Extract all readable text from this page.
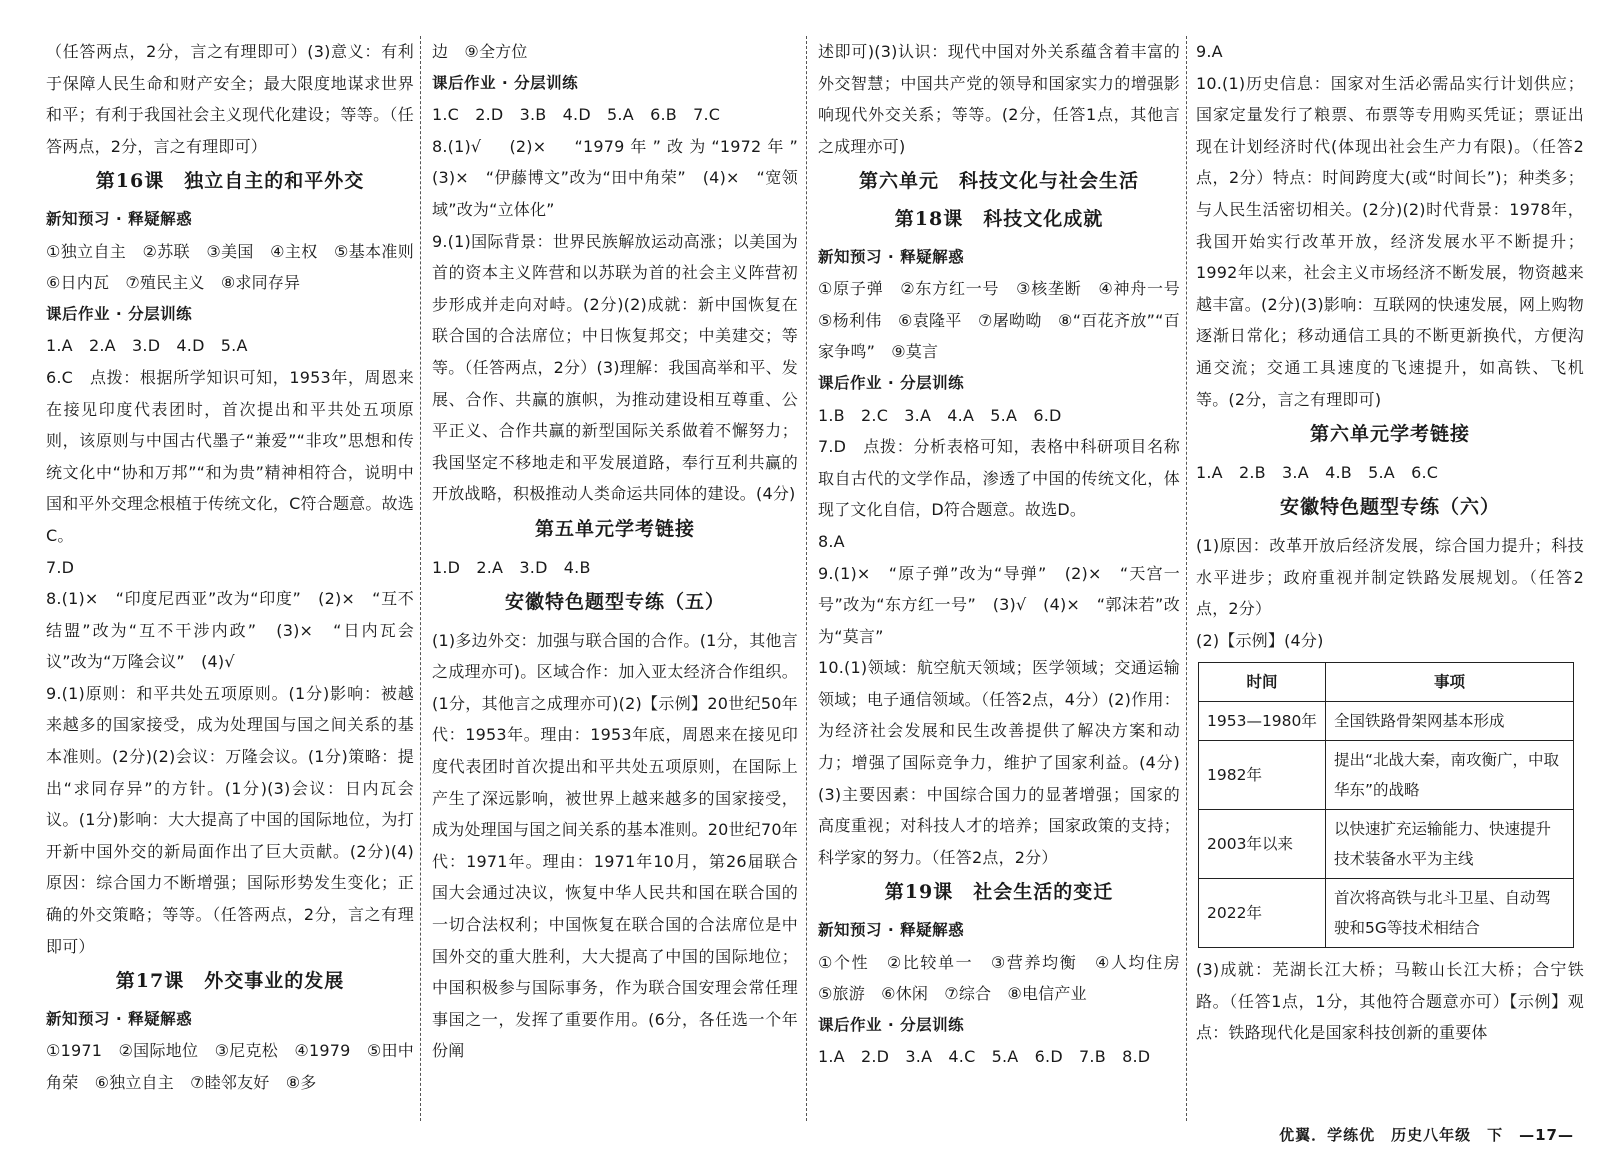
（任答两点，2分，言之有理即可）(3)意义：有利于保障人民生命和财产安全；最大限度地谋求世界和平；有利于我国社会主义现代化建设；等等。（任答两点，2分，言之有理即可）
第16课　独立自主的和平外交
新知预习 · 释疑解惑
①独立自主　②苏联　③美国　④主权　⑤基本准则　⑥日内瓦　⑦殖民主义　⑧求同存异
课后作业 · 分层训练
1.A　2.A　3.D　4.D　5.A
6.C　点拨：根据所学知识可知，1953年，周恩来在接见印度代表团时，首次提出和平共处五项原则，该原则与中国古代墨子“兼爱”“非攻”思想和传统文化中“协和万邦”“和为贵”精神相符合，说明中国和平外交理念根植于传统文化，C符合题意。故选C。
7.D
8.(1)×　“印度尼西亚”改为“印度”　(2)×　“互不结盟”改为“互不干涉内政”　(3)×　“日内瓦会议”改为“万隆会议”　(4)√
9.(1)原则：和平共处五项原则。(1分)影响：被越来越多的国家接受，成为处理国与国之间关系的基本准则。(2分)(2)会议：万隆会议。(1分)策略：提出“求同存异”的方针。(1分)(3)会议：日内瓦会议。(1分)影响：大大提高了中国的国际地位，为打开新中国外交的新局面作出了巨大贡献。(2分)(4)原因：综合国力不断增强；国际形势发生变化；正确的外交策略；等等。（任答两点，2分，言之有理即可）
第17课　外交事业的发展
新知预习 · 释疑解惑
①1971　②国际地位　③尼克松　④1979　⑤田中角荣　⑥独立自主　⑦睦邻友好　⑧多
边　⑨全方位
课后作业 · 分层训练
1.C　2.D　3.B　4.D　5.A　6.B　7.C
8.(1)√　(2)×　“1979年”改为“1972年”　(3)×　“伊藤博文”改为“田中角荣”　(4)×　“宽领域”改为“立体化”
9.(1)国际背景：世界民族解放运动高涨；以美国为首的资本主义阵营和以苏联为首的社会主义阵营初步形成并走向对峙。(2分)(2)成就：新中国恢复在联合国的合法席位；中日恢复邦交；中美建交；等等。（任答两点，2分）(3)理解：我国高举和平、发展、合作、共赢的旗帜，为推动建设相互尊重、公平正义、合作共赢的新型国际关系做着不懈努力；我国坚定不移地走和平发展道路，奉行互利共赢的开放战略，积极推动人类命运共同体的建设。(4分)
第五单元学考链接
1.D　2.A　3.D　4.B
安徽特色题型专练（五）
(1)多边外交：加强与联合国的合作。(1分，其他言之成理亦可)。区域合作：加入亚太经济合作组织。(1分，其他言之成理亦可)(2)【示例】20世纪50年代：1953年。理由：1953年底，周恩来在接见印度代表团时首次提出和平共处五项原则，在国际上产生了深远影响，被世界上越来越多的国家接受，成为处理国与国之间关系的基本准则。20世纪70年代：1971年。理由：1971年10月，第26届联合国大会通过决议，恢复中华人民共和国在联合国的一切合法权利；中国恢复在联合国的合法席位是中国外交的重大胜利，大大提高了中国的国际地位；中国积极参与国际事务，作为联合国安理会常任理事国之一，发挥了重要作用。(6分，各任选一个年份阐
述即可)(3)认识：现代中国对外关系蕴含着丰富的外交智慧；中国共产党的领导和国家实力的增强影响现代外交关系；等等。(2分，任答1点，其他言之成理亦可)
第六单元　科技文化与社会生活
第18课　科技文化成就
新知预习 · 释疑解惑
①原子弹　②东方红一号　③核垄断　④神舟一号　⑤杨利伟　⑥袁隆平　⑦屠呦呦　⑧“百花齐放”“百家争鸣”　⑨莫言
课后作业 · 分层训练
1.B　2.C　3.A　4.A　5.A　6.D
7.D　点拨：分析表格可知，表格中科研项目名称取自古代的文学作品，渗透了中国的传统文化，体现了文化自信，D符合题意。故选D。
8.A
9.(1)×　“原子弹”改为“导弹”　(2)×　“天宫一号”改为“东方红一号”　(3)√　(4)×　“郭沫若”改为“莫言”
10.(1)领域：航空航天领域；医学领域；交通运输领域；电子通信领域。（任答2点，4分）(2)作用：为经济社会发展和民生改善提供了解决方案和动力；增强了国际竞争力，维护了国家利益。(4分)(3)主要因素：中国综合国力的显著增强；国家的高度重视；对科技人才的培养；国家政策的支持；科学家的努力。（任答2点，2分）
第19课　社会生活的变迁
新知预习 · 释疑解惑
①个性　②比较单一　③营养均衡　④人均住房　⑤旅游　⑥休闲　⑦综合　⑧电信产业
课后作业 · 分层训练
1.A　2.D　3.A　4.C　5.A　6.D　7.B　8.D
9.A
10.(1)历史信息：国家对生活必需品实行计划供应；国家定量发行了粮票、布票等专用购买凭证；票证出现在计划经济时代(体现出社会生产力有限)。（任答2点，2分）特点：时间跨度大(或“时间长”)；种类多；与人民生活密切相关。(2分)(2)时代背景：1978年，我国开始实行改革开放，经济发展水平不断提升；1992年以来，社会主义市场经济不断发展，物资越来越丰富。(2分)(3)影响：互联网的快速发展，网上购物逐渐日常化；移动通信工具的不断更新换代，方便沟通交流；交通工具速度的飞速提升，如高铁、飞机等。(2分，言之有理即可)
第六单元学考链接
1.A　2.B　3.A　4.B　5.A　6.C
安徽特色题型专练（六）
(1)原因：改革开放后经济发展，综合国力提升；科技水平进步；政府重视并制定铁路发展规划。（任答2点，2分）
(2)【示例】(4分)
时间	事项
1953—1980年	全国铁路骨架网基本形成
1982年	提出“北战大秦，南攻衡广，中取华东”的战略
2003年以来	以快速扩充运输能力、快速提升技术装备水平为主线
2022年	首次将高铁与北斗卫星、自动驾驶和5G等技术相结合
(3)成就：芜湖长江大桥；马鞍山长江大桥；合宁铁路。（任答1点，1分，其他符合题意亦可）【示例】观点：铁路现代化是国家科技创新的重要体
优翼．学练优　历史八年级　下　—17—
